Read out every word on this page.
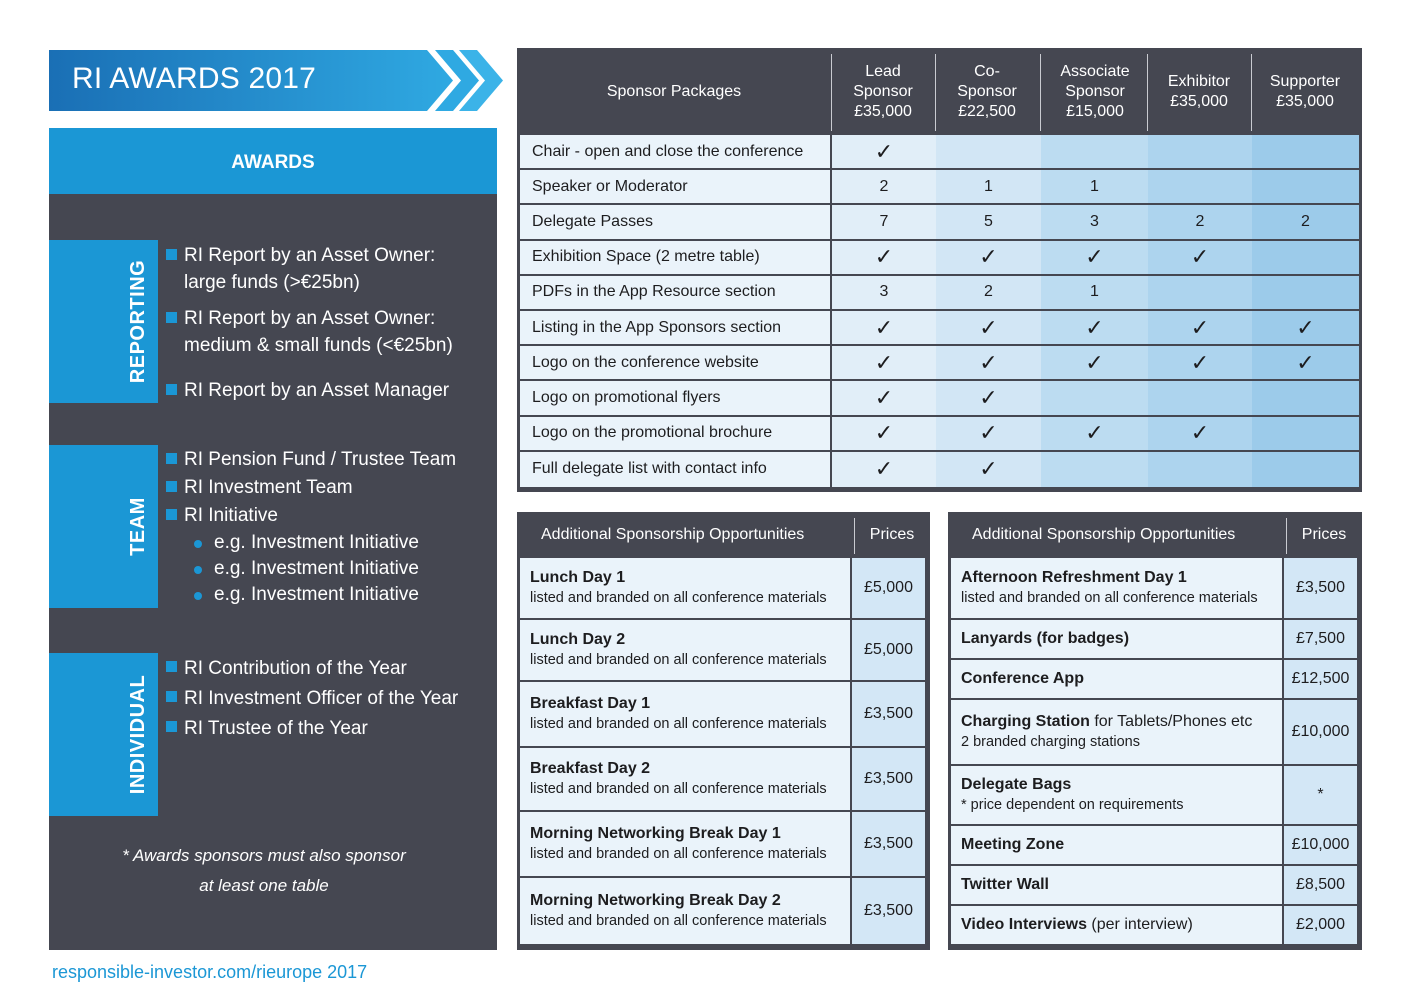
RI AWARDS 2017
AWARDS
REPORTING
RI Report by an Asset Owner:
large funds (>€25bn)
RI Report by an Asset Owner:
medium & small funds (<€25bn)
RI Report by an Asset Manager
TEAM
RI Pension Fund / Trustee Team
RI Investment Team
RI Initiative
e.g. Investment Initiative
e.g. Investment Initiative
e.g. Investment Initiative
INDIVIDUAL
RI Contribution of the Year
RI Investment Officer of the Year
RI Trustee of the Year
* Awards sponsors must also sponsor
at least one table
responsible-investor.com/rieurope 2017
Sponsor Packages
Lead
Sponsor
£35,000
Co-
Sponsor
£22,500
Associate
Sponsor
£15,000
Exhibitor
£35,000
Supporter
£35,000
Chair - open and close the conference	✓
Speaker or Moderator	2	1	1
Delegate Passes	7	5	3	2	2
Exhibition Space (2 metre table)	✓	✓	✓	✓
PDFs in the App Resource section	3	2	1
Listing in the App Sponsors section	✓	✓	✓	✓	✓
Logo on the conference website	✓	✓	✓	✓	✓
Logo on promotional flyers	✓	✓
Logo on the promotional brochure	✓	✓	✓	✓
Full delegate list with contact info	✓	✓
Additional Sponsorship Opportunities	Prices
Lunch Day 1
listed and branded on all conference materials
£5,000
Lunch Day 2
listed and branded on all conference materials
£5,000
Breakfast Day 1
listed and branded on all conference materials
£3,500
Breakfast Day 2
listed and branded on all conference materials
£3,500
Morning Networking Break Day 1
listed and branded on all conference materials
£3,500
Morning Networking Break Day 2
listed and branded on all conference materials
£3,500
Additional Sponsorship Opportunities	Prices
Afternoon Refreshment Day 1
listed and branded on all conference materials
£3,500
Lanyards (for badges)	£7,500
Conference App	£12,500
Charging Station for Tablets/Phones etc
2 branded charging stations
£10,000
Delegate Bags
* price dependent on requirements
*
Meeting Zone	£10,000
Twitter Wall	£8,500
Video Interviews (per interview)	£2,000
